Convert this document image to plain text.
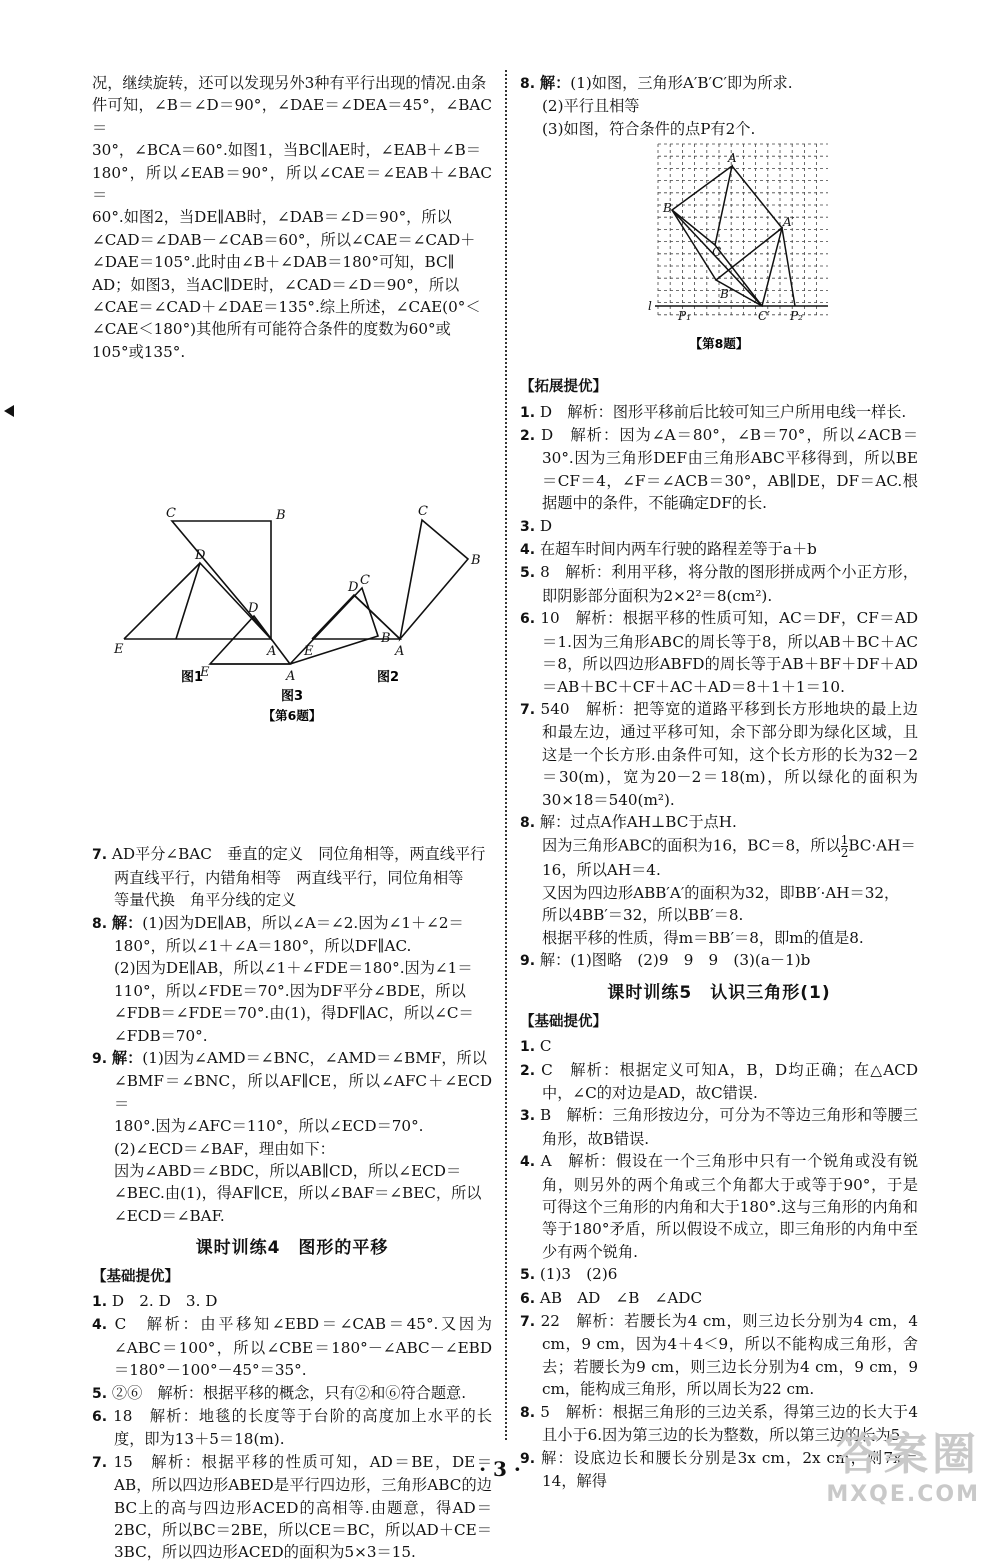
况，继续旋转，还可以发现另外3种有平行出现的情况.由条

件可知，∠B＝∠D＝90°，∠DAE＝∠DEA＝45°，∠BAC＝

30°，∠BCA＝60°.如图1，当BC∥AE时，∠EAB＋∠B＝

180°，所以∠EAB＝90°，所以∠CAE＝∠EAB＋∠BAC＝

60°.如图2，当DE∥AB时，∠DAB＝∠D＝90°，所以

∠CAD＝∠DAB－∠CAB＝60°，所以∠CAE＝∠CAD＋

∠DAE＝105°.此时由∠B＋∠DAB＝180°可知，BC∥

AD；如图3，当AC∥DE时，∠CAD＝∠D＝90°，所以

∠CAE＝∠CAD＋∠DAE＝135°.综上所述，∠CAE(0°＜

∠CAE＜180°)其他所有可能符合条件的度数为60°或

105°或135°.

C	B
D
E	A
C
B
D
E	A
图1	图2

7. AD平分∠BAC　垂直的定义　同位角相等，两直线平行

两直线平行，内错角相等　两直线平行，同位角相等

等量代换　角平分线的定义

8. 解：(1)因为DE∥AB，所以∠A＝∠2.因为∠1＋∠2＝

180°，所以∠1＋∠A＝180°，所以DF∥AC.

(2)因为DE∥AB，所以∠1＋∠FDE＝180°.因为∠1＝

110°，所以∠FDE＝70°.因为DF平分∠BDE，所以

∠FDB＝∠FDE＝70°.由(1)，得DF∥AC，所以∠C＝

∠FDB＝70°.

9. 解：(1)因为∠AMD＝∠BNC，∠AMD＝∠BMF，所以

∠BMF＝∠BNC，所以AF∥CE，所以∠AFC＋∠ECD＝

180°.因为∠AFC＝110°，所以∠ECD＝70°.

(2)∠ECD＝∠BAF，理由如下：

因为∠ABD＝∠BDC，所以AB∥CD，所以∠ECD＝

∠BEC.由(1)，得AF∥CE，所以∠BAF＝∠BEC，所以

∠ECD＝∠BAF.

课时训练4　图形的平移
【基础提优】

1. D　2. D　3. D

4. C　解析：由平移知∠EBD＝∠CAB＝45°.又因为∠ABC＝100°，所以∠CBE＝180°－∠ABC－∠EBD＝180°－100°－45°＝35°.

5. ②⑥　解析：根据平移的概念，只有②和⑥符合题意.

6. 18　解析：地毯的长度等于台阶的高度加上水平的长度，即为13＋5＝18(m).

7. 15　解析：根据平移的性质可知，AD＝BE，DE＝AB，所以四边形ABED是平行四边形，三角形ABC的边BC上的高与四边形ACED的高相等.由题意，得AD＝2BC，所以BC＝2BE，所以CE＝BC，所以AD＋CE＝3BC，所以四边形ACED的面积为5×3＝15.

8. 解：(1)如图，三角形A′B′C′即为所求.

(2)平行且相等

(3)如图，符合条件的点P有2个.

A
B
C
A′
B′
C′
l
P₁	P₂
【第8题】
【拓展提优】

1. D　解析：图形平移前后比较可知三户所用电线一样长.

2. D　解析：因为∠A＝80°，∠B＝70°，所以∠ACB＝30°.因为三角形DEF由三角形ABC平移得到，所以BE＝CF＝4，∠F＝∠ACB＝30°，AB∥DE，DF＝AC.根据题中的条件，不能确定DF的长.

3. D

4. 在超车时间内两车行驶的路程差等于a＋b

5. 8　解析：利用平移，将分散的图形拼成两个小正方形，即阴影部分面积为2×2²＝8(cm²).

6. 10　解析：根据平移的性质可知，AC＝DF，CF＝AD＝1.因为三角形ABC的周长等于8，所以AB＋BC＋AC＝8，所以四边形ABFD的周长等于AB＋BF＋DF＋AD＝AB＋BC＋CF＋AC＋AD＝8＋1＋1＝10.

7. 540　解析：把等宽的道路平移到长方形地块的最上边和最左边，通过平移可知，余下部分即为绿化区域，且这是一个长方形.由条件可知，这个长方形的长为32－2＝30(m)，宽为20－2＝18(m)，所以绿化的面积为30×18＝540(m²).

8. 解：过点A作AH⊥BC于点H.

因为三角形ABC的面积为16，BC＝8，所以 $\frac{1}{2} BC\cdot AH=$

16，所以AH＝4.

又因为四边形ABB′A′的面积为32，即BB′·AH＝32，

所以4BB′＝32，所以BB′＝8.

根据平移的性质，得m＝BB′＝8，即m的值是8.

9. 解：(1)图略　(2)9　9　9　(3)(a－1)b

课时训练5　认识三角形(1)
【基础提优】

1. C

2. C　解析：根据定义可知A，B，D均正确；在△ACD中，∠C的对边是AD，故C错误.

3. B　解析：三角形按边分，可分为不等边三角形和等腰三角形，故B错误.

4. A　解析：假设在一个三角形中只有一个锐角或没有锐角，则另外的两个角或三个角都大于或等于90°，于是可得这个三角形的内角和大于180°.这与三角形的内角和等于180°矛盾，所以假设不成立，即三角形的内角中至少有两个锐角.

5. (1)3　(2)6

6. AB　AD　∠B　∠ADC

7. 22　解析：若腰长为4 cm，则三边长分别为4 cm，4 cm，9 cm，因为4＋4＜9，所以不能构成三角形，舍去；若腰长为9 cm，则三边长分别为4 cm，9 cm，9 cm，能构成三角形，所以周长为22 cm.

8. 5　解析：根据三角形的三边关系，得第三边的长大于4且小于6.因为第三边的长为整数，所以第三边的长为5.

9. 解：设底边长和腰长分别是3x cm，2x cm，则7x＝14，解得

· 3 ·	答案圈
MXQE.COM
D
E	A
C
B
图3
【第6题】
